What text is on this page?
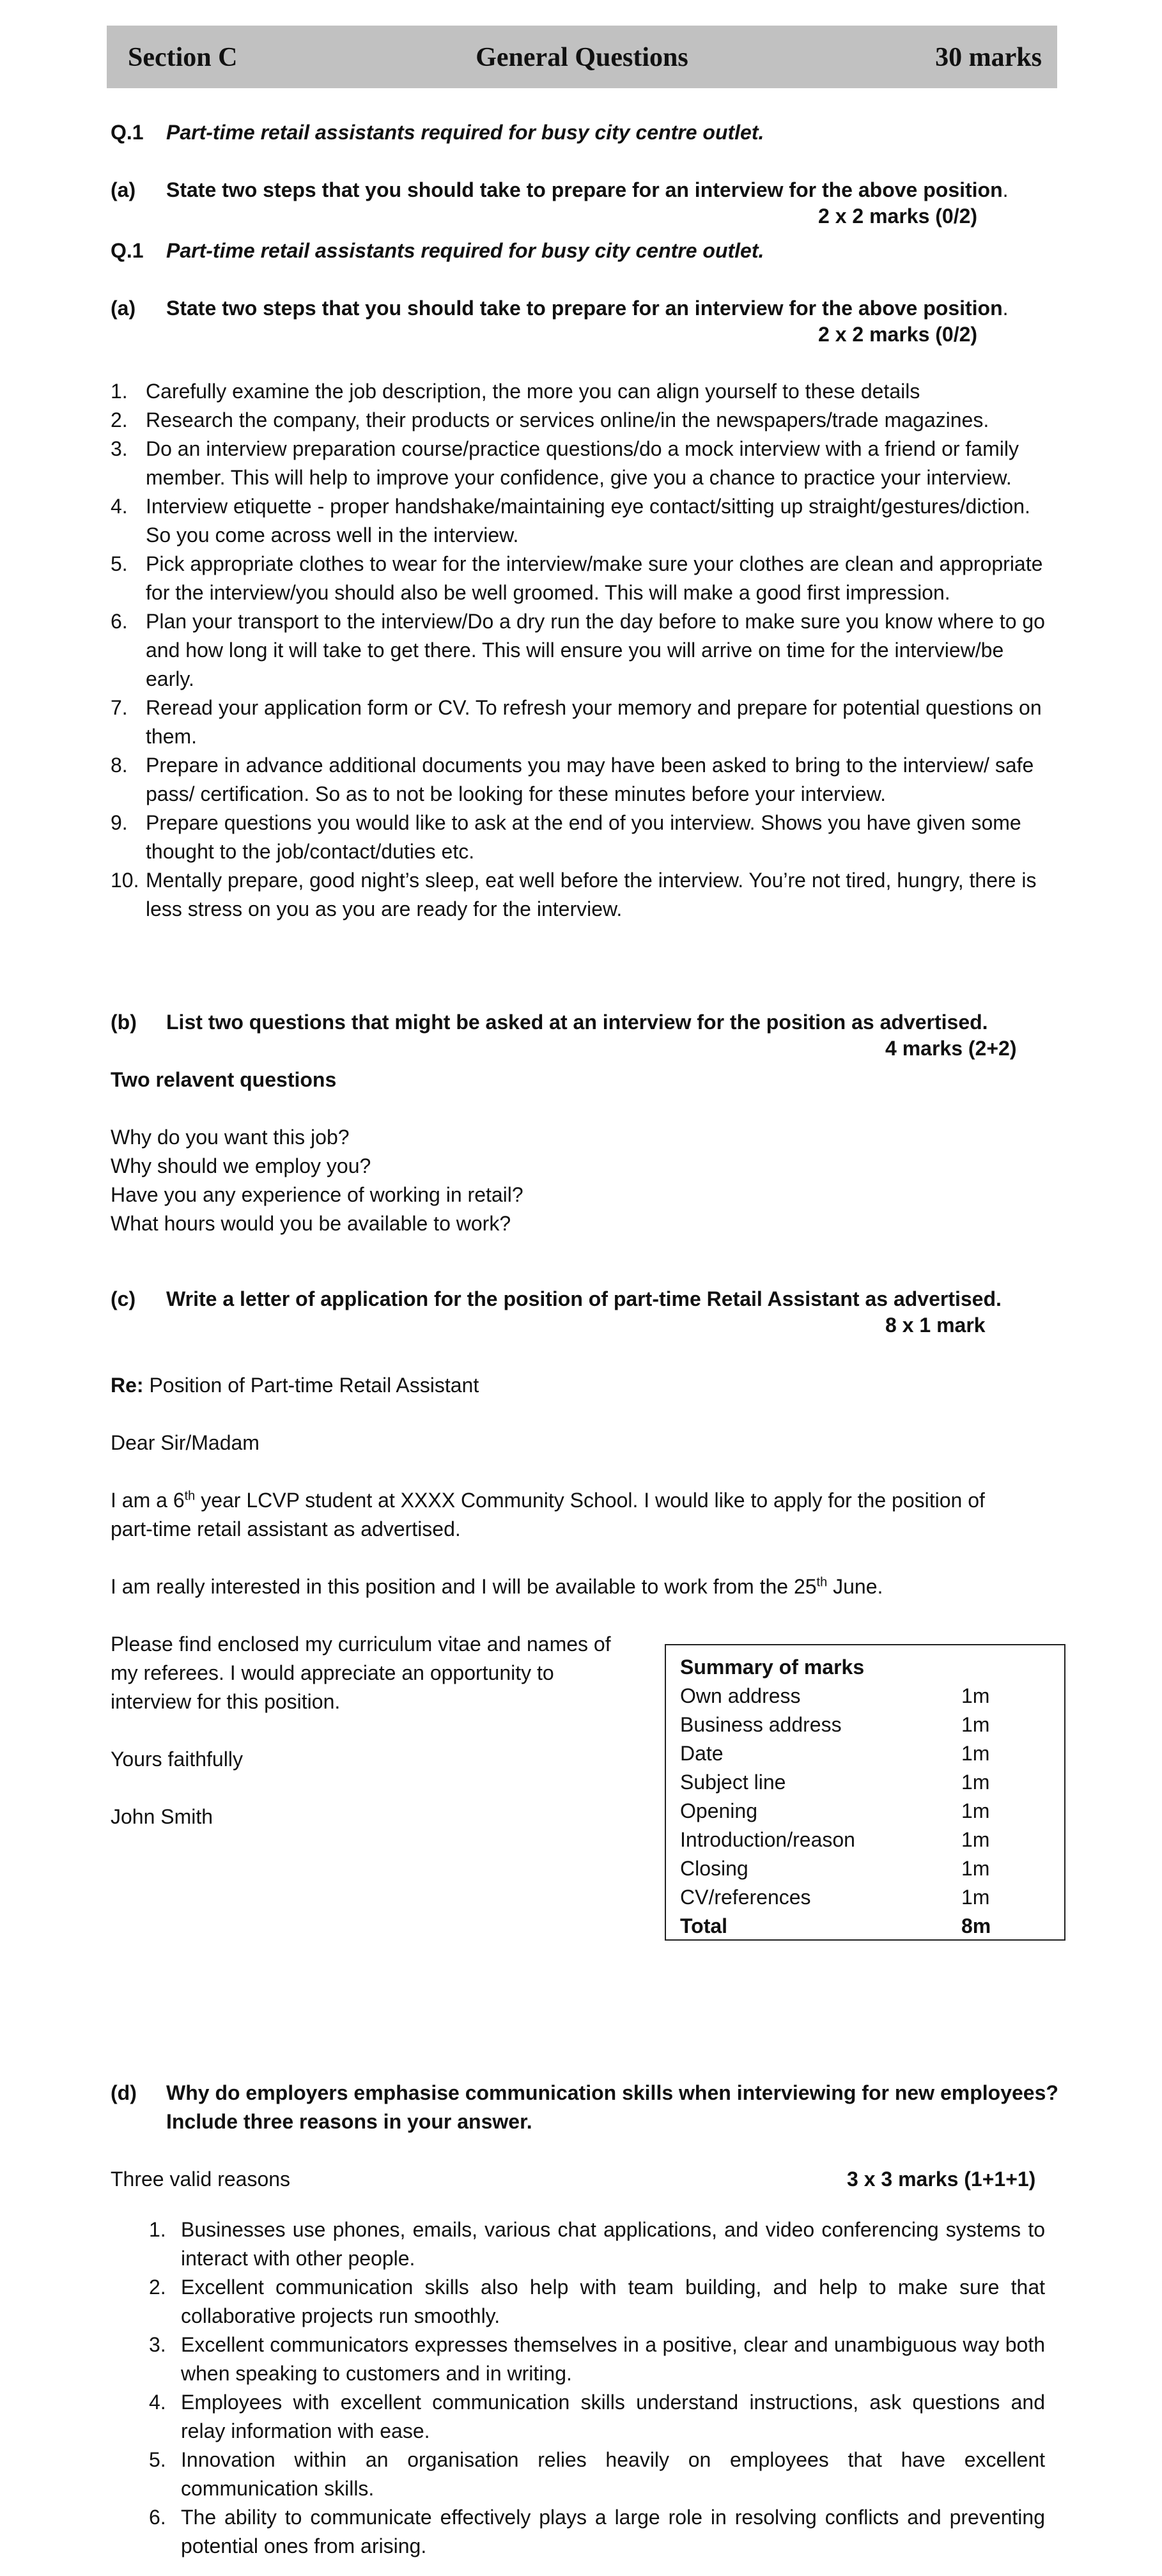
Section C	General Questions	30 marks
Q.1 Part-time retail assistants required for busy city centre outlet.
(a) State two steps that you should take to prepare for an interview for the above position.
2 x 2 marks (0/2)
Q.1 Part-time retail assistants required for busy city centre outlet.
(a) State two steps that you should take to prepare for an interview for the above position.
2 x 2 marks (0/2)
1. Carefully examine the job description, the more you can align yourself to these details
2. Research the company, their products or services online/in the newspapers/trade magazines.
3. Do an interview preparation course/practice questions/do a mock interview with a friend or family member. This will help to improve your confidence, give you a chance to practice your interview.
4. Interview etiquette - proper handshake/maintaining eye contact/sitting up straight/gestures/diction. So you come across well in the interview.
5. Pick appropriate clothes to wear for the interview/make sure your clothes are clean and appropriate for the interview/you should also be well groomed. This will make a good first impression.
6. Plan your transport to the interview/Do a dry run the day before to make sure you know where to go and how long it will take to get there. This will ensure you will arrive on time for the interview/be early.
7. Reread your application form or CV. To refresh your memory and prepare for potential questions on them.
8. Prepare in advance additional documents you may have been asked to bring to the interview/ safe pass/ certification. So as to not be looking for these minutes before your interview.
9. Prepare questions you would like to ask at the end of you interview. Shows you have given some thought to the job/contact/duties etc.
10. Mentally prepare, good night’s sleep, eat well before the interview. You’re not tired, hungry, there is less stress on you as you are ready for the interview.
(b) List two questions that might be asked at an interview for the position as advertised.
4 marks (2+2)
Two relavent questions
Why do you want this job?
Why should we employ you?
Have you any experience of working in retail?
What hours would you be available to work?
(c) Write a letter of application for the position of part-time Retail Assistant as advertised.
8 x 1 mark
Re: Position of Part-time Retail Assistant
Dear Sir/Madam
I am a 6th year LCVP student at XXXX Community School. I would like to apply for the position of
part-time retail assistant as advertised.
I am really interested in this position and I will be available to work from the 25th June.
Please find enclosed my curriculum vitae and names of
my referees. I would appreciate an opportunity to
interview for this position.
Yours faithfully
John Smith
Summary of marks
Own address	1m
Business address	1m
Date	1m
Subject line	1m
Opening	1m
Introduction/reason	1m
Closing	1m
CV/references	1m
Total	8m
(d) Why do employers emphasise communication skills when interviewing for new employees?
Include three reasons in your answer.
Three valid reasons	3 x 3 marks (1+1+1)
1. Businesses use phones, emails, various chat applications, and video conferencing systems to interact with other people.
2. Excellent communication skills also help with team building, and help to make sure that collaborative projects run smoothly.
3. Excellent communicators expresses themselves in a positive, clear and unambiguous way both when speaking to customers and in writing.
4. Employees with excellent communication skills understand instructions, ask questions and relay information with ease.
5. Innovation within an organisation relies heavily on employees that have excellent communication skills.
6. The ability to communicate effectively plays a large role in resolving conflicts and preventing potential ones from arising.
